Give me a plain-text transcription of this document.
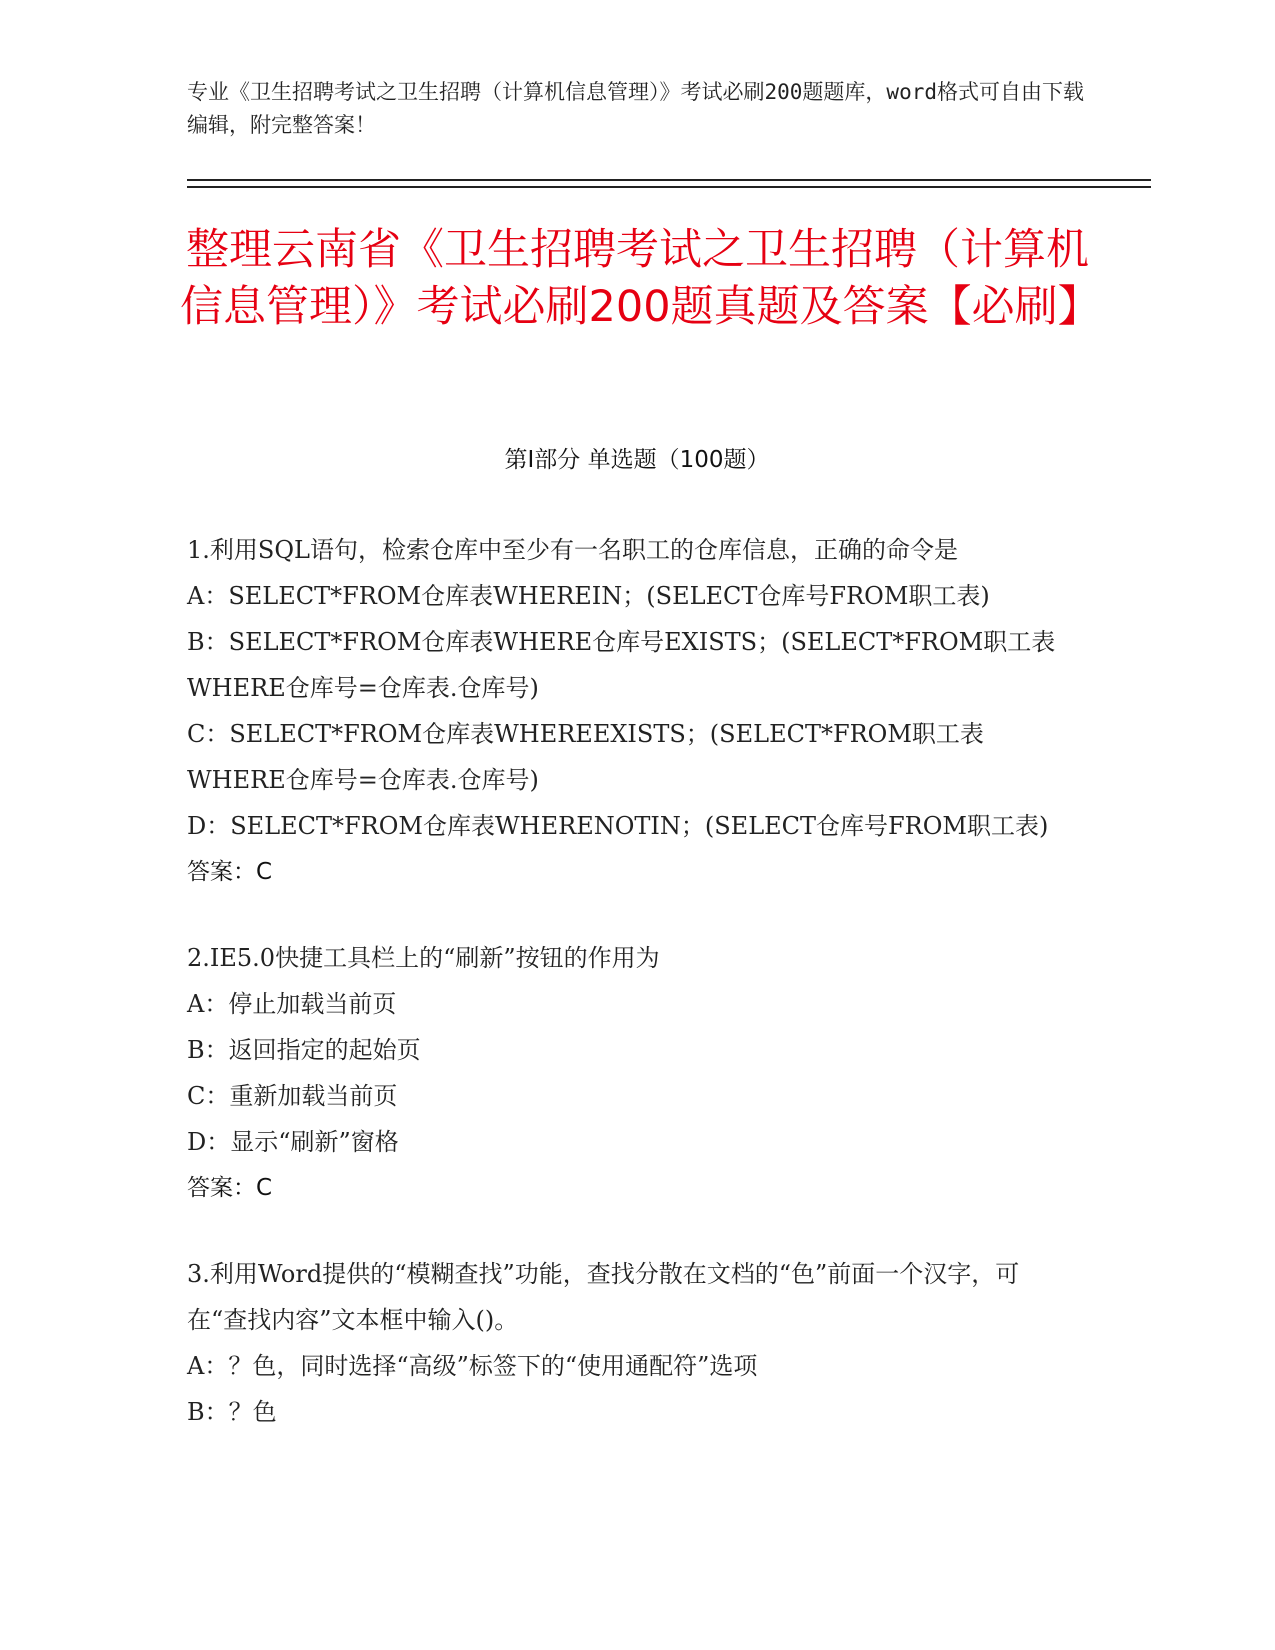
专业《卫生招聘考试之卫生招聘（计算机信息管理）》考试必刷200题题库，word格式可自由下载编辑，附完整答案！
整理云南省《卫生招聘考试之卫生招聘（计算机信息管理）》考试必刷200题真题及答案【必刷】
第Ⅰ部分 单选题（100题）

1.利用SQL语句，检索仓库中至少有一名职工的仓库信息，正确的命令是

A：SELECT*FROM仓库表WHEREIN；(SELECT仓库号FROM职工表)

B：SELECT*FROM仓库表WHERE仓库号EXISTS；(SELECT*FROM职工表WHERE仓库号=仓库表.仓库号)

C：SELECT*FROM仓库表WHEREEXISTS；(SELECT*FROM职工表WHERE仓库号=仓库表.仓库号)

D：SELECT*FROM仓库表WHERENOTIN；(SELECT仓库号FROM职工表)

答案：C

2.IE5.0快捷工具栏上的“刷新”按钮的作用为

A：停止加载当前页

B：返回指定的起始页

C：重新加载当前页

D：显示“刷新”窗格

答案：C

3.利用Word提供的“模糊查找”功能，查找分散在文档的“色”前面一个汉字，可在“查找内容”文本框中输入()。

A：？色，同时选择“高级”标签下的“使用通配符”选项

B：？色
